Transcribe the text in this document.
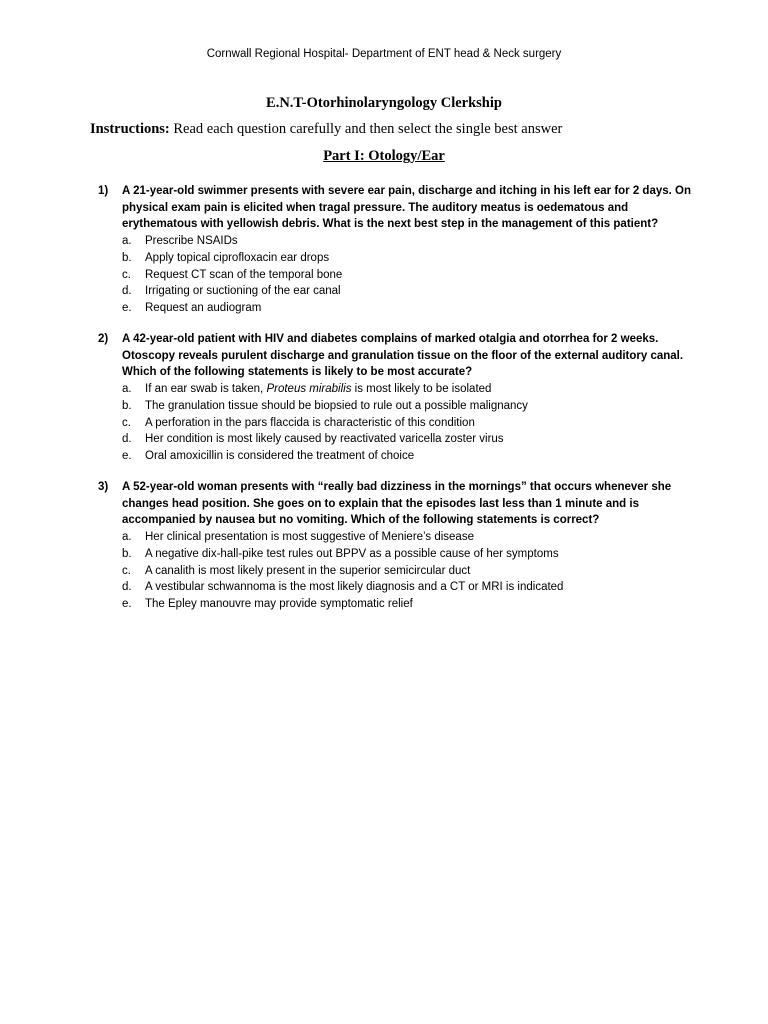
Cornwall Regional Hospital- Department of ENT head & Neck surgery
E.N.T-Otorhinolaryngology Clerkship
Instructions: Read each question carefully and then select the single best answer
Part I: Otology/Ear
1) A 21-year-old swimmer presents with severe ear pain, discharge and itching in his left ear for 2 days. On physical exam pain is elicited when tragal pressure. The auditory meatus is oedematous and erythematous with yellowish debris. What is the next best step in the management of this patient?
a. Prescribe NSAIDs
b. Apply topical ciprofloxacin ear drops
c. Request CT scan of the temporal bone
d. Irrigating or suctioning of the ear canal
e. Request an audiogram
2) A 42-year-old patient with HIV and diabetes complains of marked otalgia and otorrhea for 2 weeks. Otoscopy reveals purulent discharge and granulation tissue on the floor of the external auditory canal. Which of the following statements is likely to be most accurate?
a. If an ear swab is taken, Proteus mirabilis is most likely to be isolated
b. The granulation tissue should be biopsied to rule out a possible malignancy
c. A perforation in the pars flaccida is characteristic of this condition
d. Her condition is most likely caused by reactivated varicella zoster virus
e. Oral amoxicillin is considered the treatment of choice
3) A 52-year-old woman presents with “really bad dizziness in the mornings” that occurs whenever she changes head position. She goes on to explain that the episodes last less than 1 minute and is accompanied by nausea but no vomiting. Which of the following statements is correct?
a. Her clinical presentation is most suggestive of Meniere’s disease
b. A negative dix-hall-pike test rules out BPPV as a possible cause of her symptoms
c. A canalith is most likely present in the superior semicircular duct
d. A vestibular schwannoma is the most likely diagnosis and a CT or MRI is indicated
e. The Epley manouvre may provide symptomatic relief
